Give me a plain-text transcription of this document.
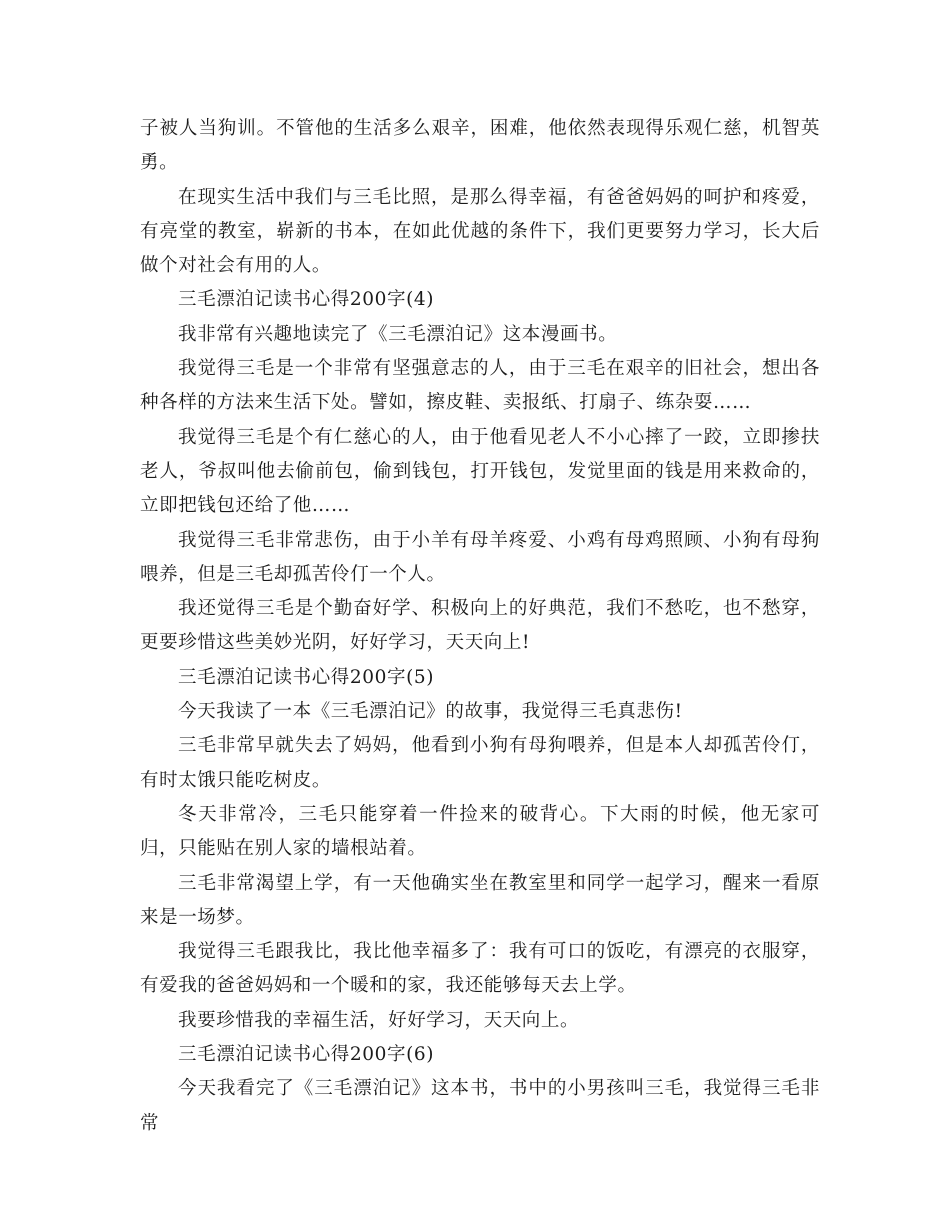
子被人当狗训。不管他的生活多么艰辛，困难，他依然表现得乐观仁慈，机智英勇。

在现实生活中我们与三毛比照，是那么得幸福，有爸爸妈妈的呵护和疼爱，有亮堂的教室，崭新的书本，在如此优越的条件下，我们更要努力学习，长大后做个对社会有用的人。

三毛漂泊记读书心得200字(4)

我非常有兴趣地读完了《三毛漂泊记》这本漫画书。

我觉得三毛是一个非常有坚强意志的人，由于三毛在艰辛的旧社会，想出各种各样的方法来生活下处。譬如，擦皮鞋、卖报纸、打扇子、练杂耍……

我觉得三毛是个有仁慈心的人，由于他看见老人不小心摔了一跤，立即掺扶老人，爷叔叫他去偷前包，偷到钱包，打开钱包，发觉里面的钱是用来救命的，立即把钱包还给了他……

我觉得三毛非常悲伤，由于小羊有母羊疼爱、小鸡有母鸡照顾、小狗有母狗喂养，但是三毛却孤苦伶仃一个人。

我还觉得三毛是个勤奋好学、积极向上的好典范，我们不愁吃，也不愁穿，更要珍惜这些美妙光阴，好好学习，天天向上!

三毛漂泊记读书心得200字(5)

今天我读了一本《三毛漂泊记》的故事，我觉得三毛真悲伤!

三毛非常早就失去了妈妈，他看到小狗有母狗喂养，但是本人却孤苦伶仃，有时太饿只能吃树皮。

冬天非常冷，三毛只能穿着一件捡来的破背心。下大雨的时候，他无家可归，只能贴在别人家的墙根站着。

三毛非常渴望上学，有一天他确实坐在教室里和同学一起学习，醒来一看原来是一场梦。

我觉得三毛跟我比，我比他幸福多了：我有可口的饭吃，有漂亮的衣服穿，有爱我的爸爸妈妈和一个暖和的家，我还能够每天去上学。

我要珍惜我的幸福生活，好好学习，天天向上。

三毛漂泊记读书心得200字(6)

今天我看完了《三毛漂泊记》这本书，书中的小男孩叫三毛，我觉得三毛非常
